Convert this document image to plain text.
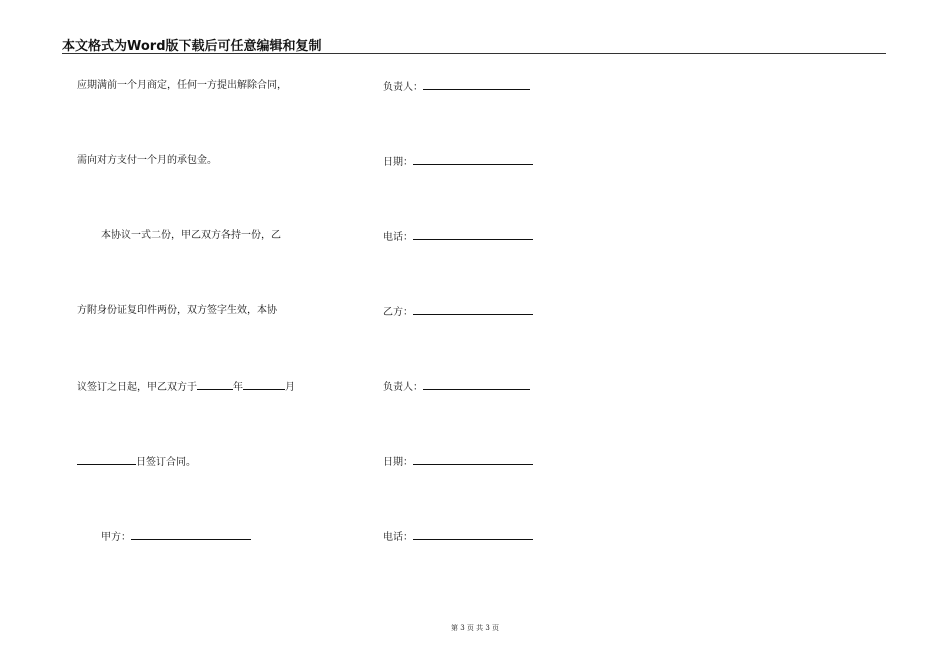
本文格式为Word版下载后可任意编辑和复制
应期满前一个月商定，任何一方提出解除合同，
需向对方支付一个月的承包金。
本协议一式二份，甲乙双方各持一份，乙
方附身份证复印件两份，双方签字生效，本协
议签订之日起，甲乙双方于	年	月
日签订合同。
甲方：
负责人：
日期：
电话：
乙方：
负责人：
日期：
电话：
第 3 页 共 3 页
